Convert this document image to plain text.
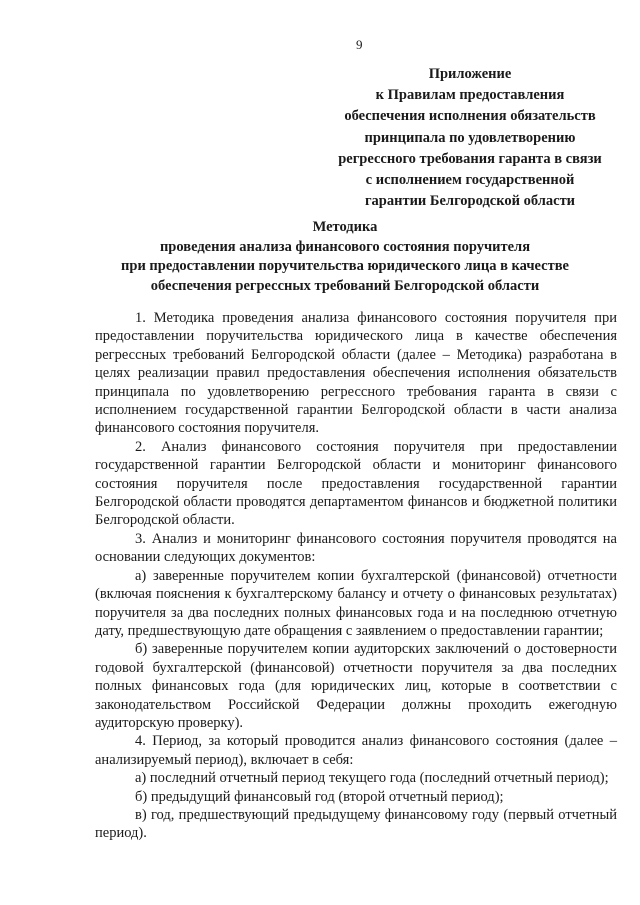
9
Приложение
к Правилам предоставления
обеспечения исполнения обязательств
принципала по удовлетворению
регрессного требования гаранта в связи
с исполнением государственной
гарантии Белгородской области
Методика
проведения анализа финансового состояния поручителя
при предоставлении поручительства юридического лица в качестве
обеспечения регрессных требований Белгородской области

1. Методика проведения анализа финансового состояния поручителя при предоставлении поручительства юридического лица в качестве обеспечения регрессных требований Белгородской области (далее – Методика) разработана в целях реализации правил предоставления обеспечения исполнения обязательств принципала по удовлетворению регрессного требования гаранта в связи с исполнением государственной гарантии Белгородской области в части анализа финансового состояния поручителя.

2. Анализ финансового состояния поручителя при предоставлении государственной гарантии Белгородской области и мониторинг финансового состояния поручителя после предоставления государственной гарантии Белгородской области проводятся департаментом финансов и бюджетной политики Белгородской области.

3. Анализ и мониторинг финансового состояния поручителя проводятся на основании следующих документов:

а) заверенные поручителем копии бухгалтерской (финансовой) отчетности (включая пояснения к бухгалтерскому балансу и отчету о финансовых результатах) поручителя за два последних полных финансовых года и на последнюю отчетную дату, предшествующую дате обращения с заявлением о предоставлении гарантии;

б) заверенные поручителем копии аудиторских заключений о достоверности годовой бухгалтерской (финансовой) отчетности поручителя за два последних полных финансовых года (для юридических лиц, которые в соответствии с законодательством Российской Федерации должны проходить ежегодную аудиторскую проверку).

4. Период, за который проводится анализ финансового состояния (далее – анализируемый период), включает в себя:

а) последний отчетный период текущего года (последний отчетный период);

б) предыдущий финансовый год (второй отчетный период);

в) год, предшествующий предыдущему финансовому году (первый отчетный период).
